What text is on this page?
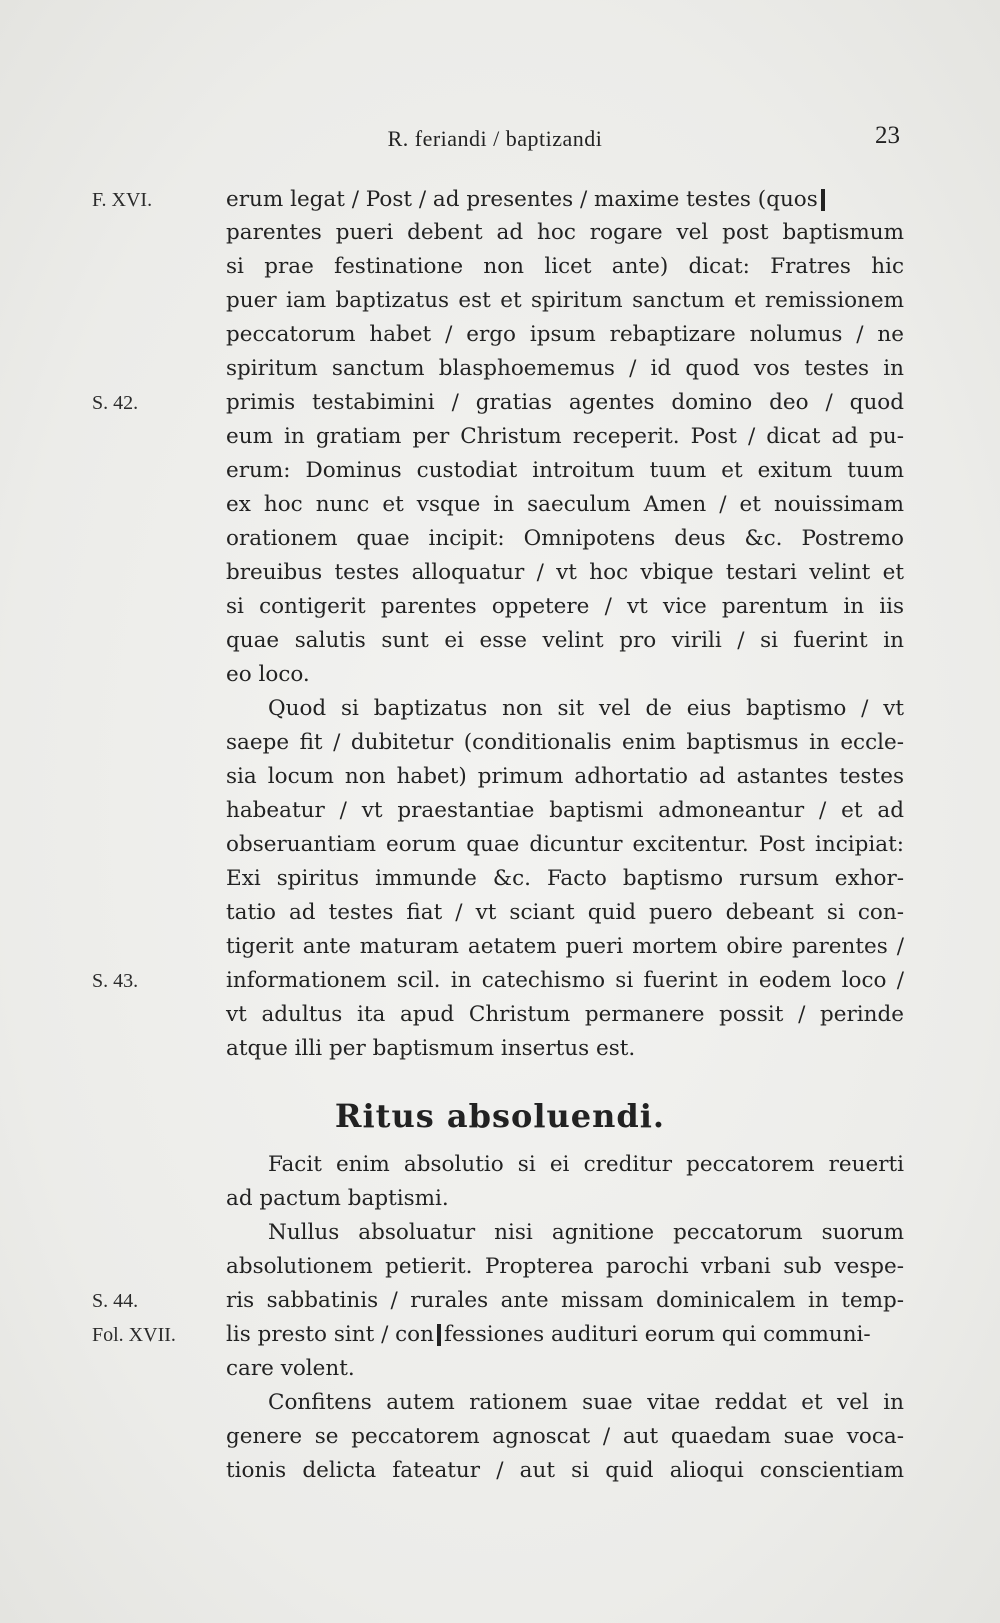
R. feriandi / baptizandi	23
F. XVI.	erum legat / Post / ad presentes / maxime testes (quos
parentes pueri debent ad hoc rogare vel post baptismum
si prae festinatione non licet ante) dicat: Fratres hic
puer iam baptizatus est et spiritum sanctum et remissionem
peccatorum habet / ergo ipsum rebaptizare nolumus / ne
spiritum sanctum blasphoememus / id quod vos testes in
S. 42.	primis testabimini / gratias agentes domino deo / quod
eum in gratiam per Christum receperit. Post / dicat ad pu-
erum: Dominus custodiat introitum tuum et exitum tuum
ex hoc nunc et vsque in saeculum Amen / et nouissimam
orationem quae incipit: Omnipotens deus &c. Postremo
breuibus testes alloquatur / vt hoc vbique testari velint et
si contigerit parentes oppetere / vt vice parentum in iis
quae salutis sunt ei esse velint pro virili / si fuerint in
eo loco.
Quod si baptizatus non sit vel de eius baptismo / vt
saepe fit / dubitetur (conditionalis enim baptismus in eccle-
sia locum non habet) primum adhortatio ad astantes testes
habeatur / vt praestantiae baptismi admoneantur / et ad
obseruantiam eorum quae dicuntur excitentur. Post incipiat:
Exi spiritus immunde &c. Facto baptismo rursum exhor-
tatio ad testes fiat / vt sciant quid puero debeant si con-
tigerit ante maturam aetatem pueri mortem obire parentes /
S. 43.	informationem scil. in catechismo si fuerint in eodem loco /
vt adultus ita apud Christum permanere possit / perinde
atque illi per baptismum insertus est.
Ritus absoluendi.
Facit enim absolutio si ei creditur peccatorem reuerti
ad pactum baptismi.
Nullus absoluatur nisi agnitione peccatorum suorum
absolutionem petierit. Propterea parochi vrbani sub vespe-
S. 44.	ris sabbatinis / rurales ante missam dominicalem in temp-
Fol. XVII. lis presto sint / con fessiones audituri eorum qui communi-
care volent.
Confitens autem rationem suae vitae reddat et vel in
genere se peccatorem agnoscat / aut quaedam suae voca-
tionis delicta fateatur / aut si quid alioqui conscientiam
